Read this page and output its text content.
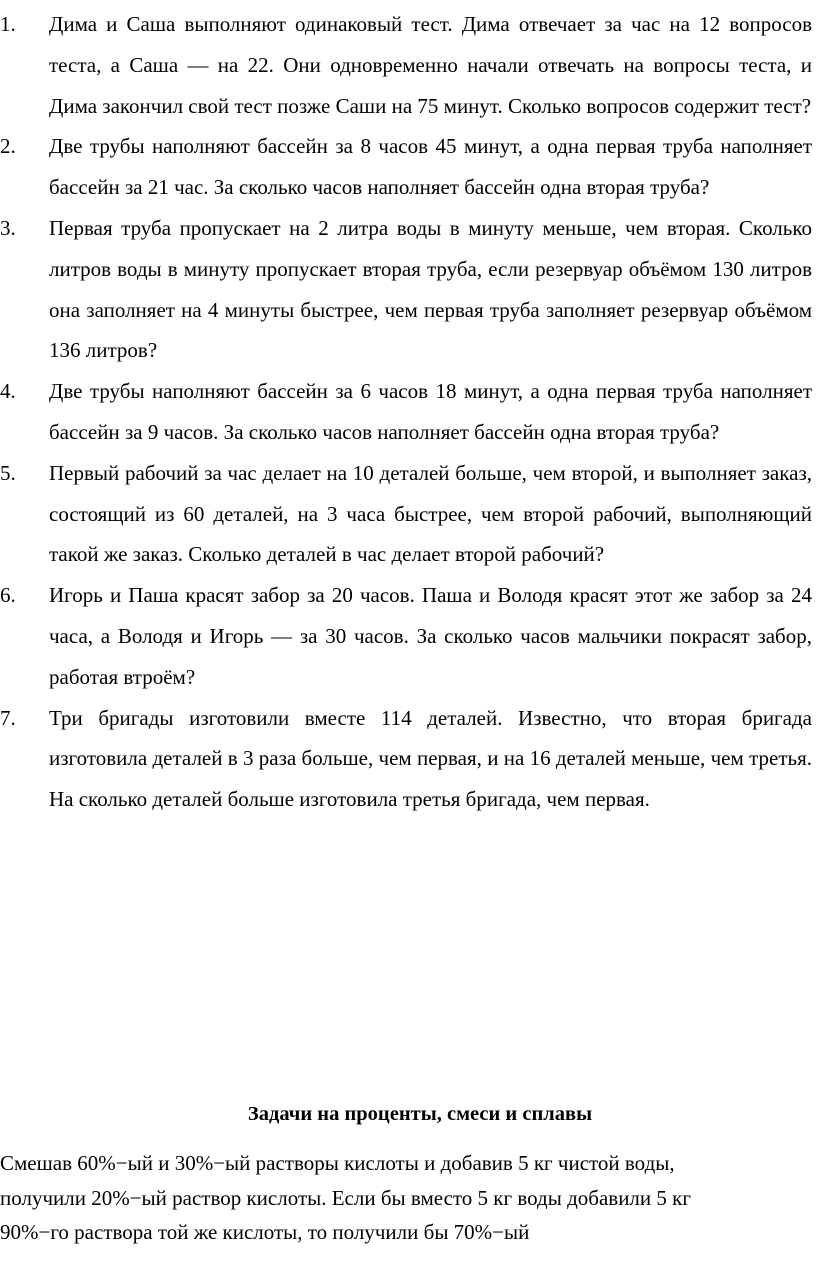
1. Дима и Саша выполняют одинаковый тест. Дима отвечает за час на 12 вопросов теста, а Саша — на 22. Они одновременно начали отвечать на вопросы теста, и Дима закончил свой тест позже Саши на 75 минут. Сколько вопросов содержит тест?
2. Две трубы наполняют бассейн за 8 часов 45 минут, а одна первая труба наполняет бассейн за 21 час. За сколько часов наполняет бассейн одна вторая труба?
3. Первая труба пропускает на 2 литра воды в минуту меньше, чем вторая. Сколько литров воды в минуту пропускает вторая труба, если резервуар объёмом 130 литров она заполняет на 4 минуты быстрее, чем первая труба заполняет резервуар объёмом 136 литров?
4. Две трубы наполняют бассейн за 6 часов 18 минут, а одна первая труба наполняет бассейн за 9 часов. За сколько часов наполняет бассейн одна вторая труба?
5. Первый рабочий за час делает на 10 деталей больше, чем второй, и выполняет заказ, состоящий из 60 деталей, на 3 часа быстрее, чем второй рабочий, выполняющий такой же заказ. Сколько деталей в час делает второй рабочий?
6. Игорь и Паша красят забор за 20 часов. Паша и Володя красят этот же забор за 24 часа, а Володя и Игорь — за 30 часов. За сколько часов мальчики покрасят забор, работая втроём?
7. Три бригады изготовили вместе 114 деталей. Известно, что вторая бригада изготовила деталей в 3 раза больше, чем первая, и на 16 деталей меньше, чем третья. На сколько деталей больше изготовила третья бригада, чем первая.
Задачи на проценты, смеси и сплавы
Смешав 60%−ый и 30%−ый растворы кислоты и добавив 5 кг чистой воды,
получили 20%−ый раствор кислоты. Если бы вместо 5 кг воды добавили 5 кг
90%−го раствора той же кислоты, то получили бы 70%−ый
